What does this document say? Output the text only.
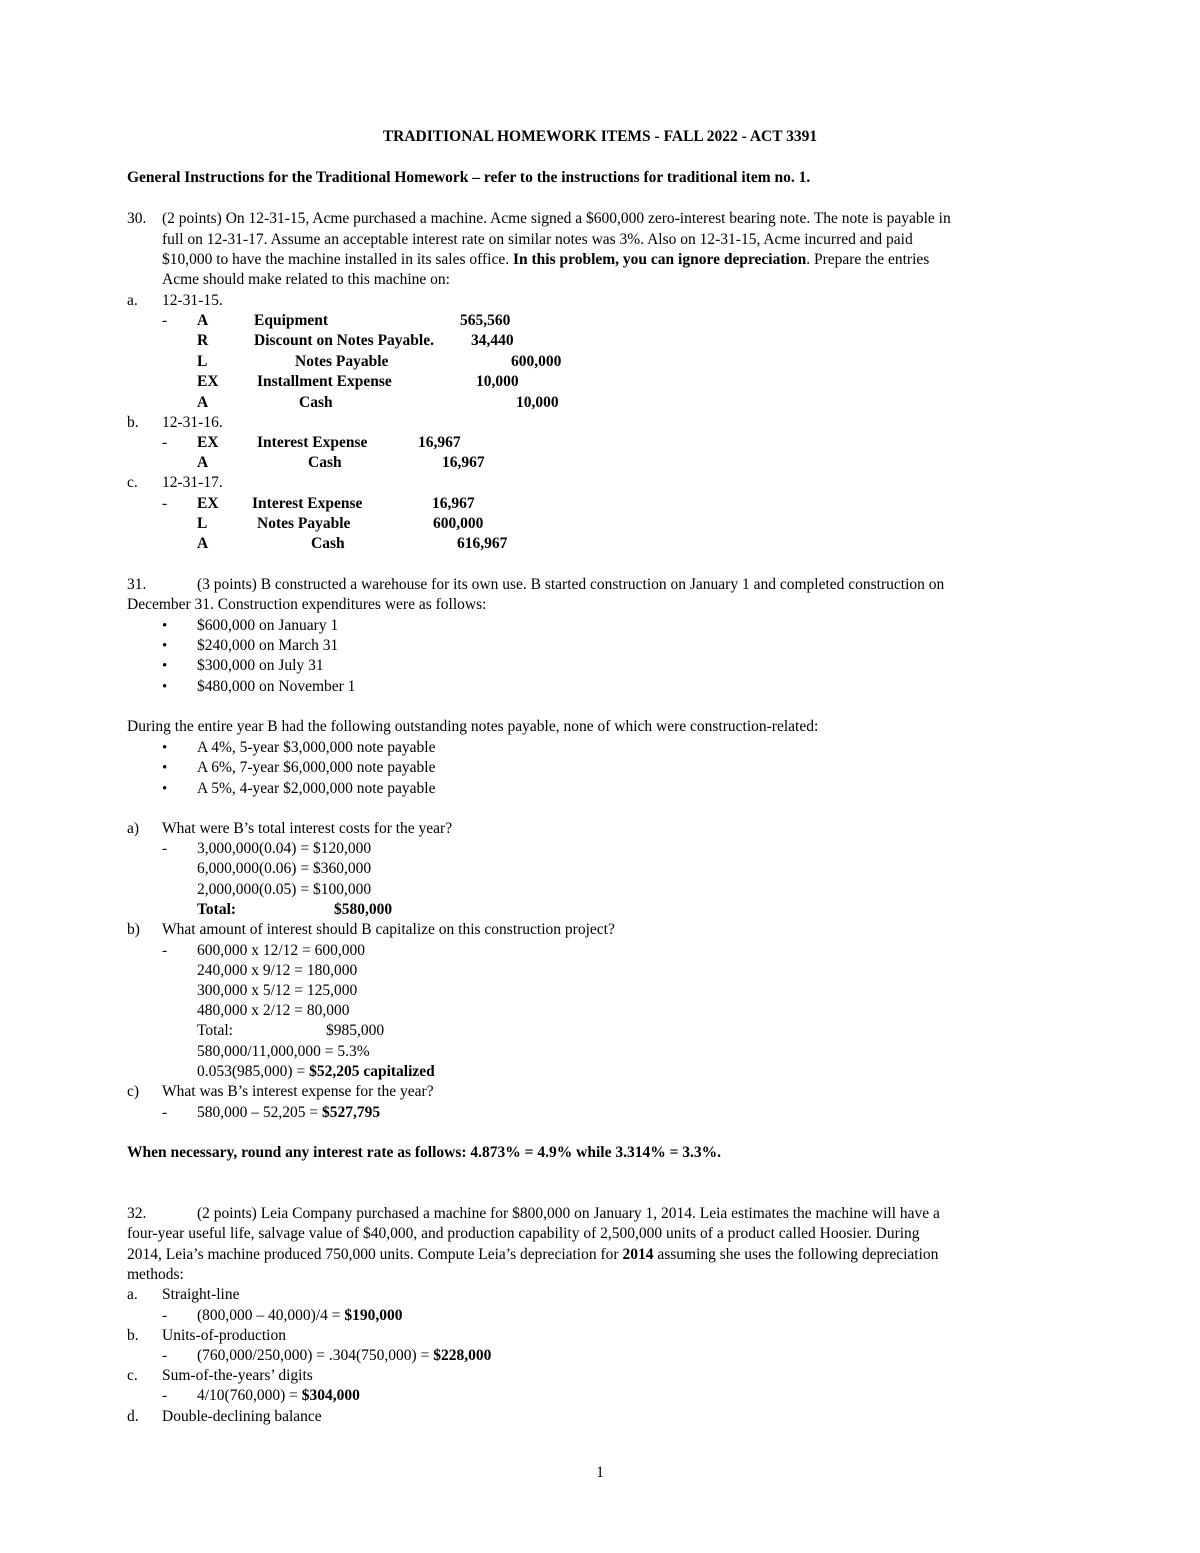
TRADITIONAL HOMEWORK ITEMS - FALL 2022 - ACT 3391
General Instructions for the Traditional Homework – refer to the instructions for traditional item no. 1.
30. (2 points) On 12-31-15, Acme purchased a machine. Acme signed a $600,000 zero-interest bearing note. The note is payable in
full on 12-31-17. Assume an acceptable interest rate on similar notes was 3%. Also on 12-31-15, Acme incurred and paid
$10,000 to have the machine installed in its sales office. In this problem, you can ignore depreciation. Prepare the entries
Acme should make related to this machine on:
a. 12-31-15.
- A	Equipment	565,560
R	Discount on Notes Payable. 34,440
L	Notes Payable	600,000
EX Installment Expense	10,000
A	Cash	10,000
b. 12-31-16.
- EX Interest Expense	16,967
A	Cash	16,967
c. 12-31-17.
- EX Interest Expense	16,967
L	Notes Payable	600,000
A	Cash	616,967
31.	(3 points) B constructed a warehouse for its own use. B started construction on January 1 and completed construction on
December 31. Construction expenditures were as follows:
• $600,000 on January 1
• $240,000 on March 31
• $300,000 on July 31
• $480,000 on November 1
During the entire year B had the following outstanding notes payable, none of which were construction-related:
• A 4%, 5-year $3,000,000 note payable
• A 6%, 7-year $6,000,000 note payable
• A 5%, 4-year $2,000,000 note payable
a) What were B’s total interest costs for the year?
- 3,000,000(0.04) = $120,000
6,000,000(0.06) = $360,000
2,000,000(0.05) = $100,000
Total:	$580,000
b) What amount of interest should B capitalize on this construction project?
- 600,000 x 12/12 = 600,000
240,000 x 9/12 = 180,000
300,000 x 5/12 = 125,000
480,000 x 2/12 = 80,000
Total:	$985,000
580,000/11,000,000 = 5.3%
0.053(985,000) = $52,205 capitalized
c) What was B’s interest expense for the year?
- 580,000 – 52,205 = $527,795
When necessary, round any interest rate as follows: 4.873% = 4.9% while 3.314% = 3.3%.
32.	(2 points) Leia Company purchased a machine for $800,000 on January 1, 2014. Leia estimates the machine will have a
four-year useful life, salvage value of $40,000, and production capability of 2,500,000 units of a product called Hoosier. During
2014, Leia’s machine produced 750,000 units. Compute Leia’s depreciation for 2014 assuming she uses the following depreciation
methods:
a. Straight-line
- (800,000 – 40,000)/4 = $190,000
b. Units-of-production
- (760,000/250,000) = .304(750,000) = $228,000
c. Sum-of-the-years’ digits
- 4/10(760,000) = $304,000
d. Double-declining balance
1
